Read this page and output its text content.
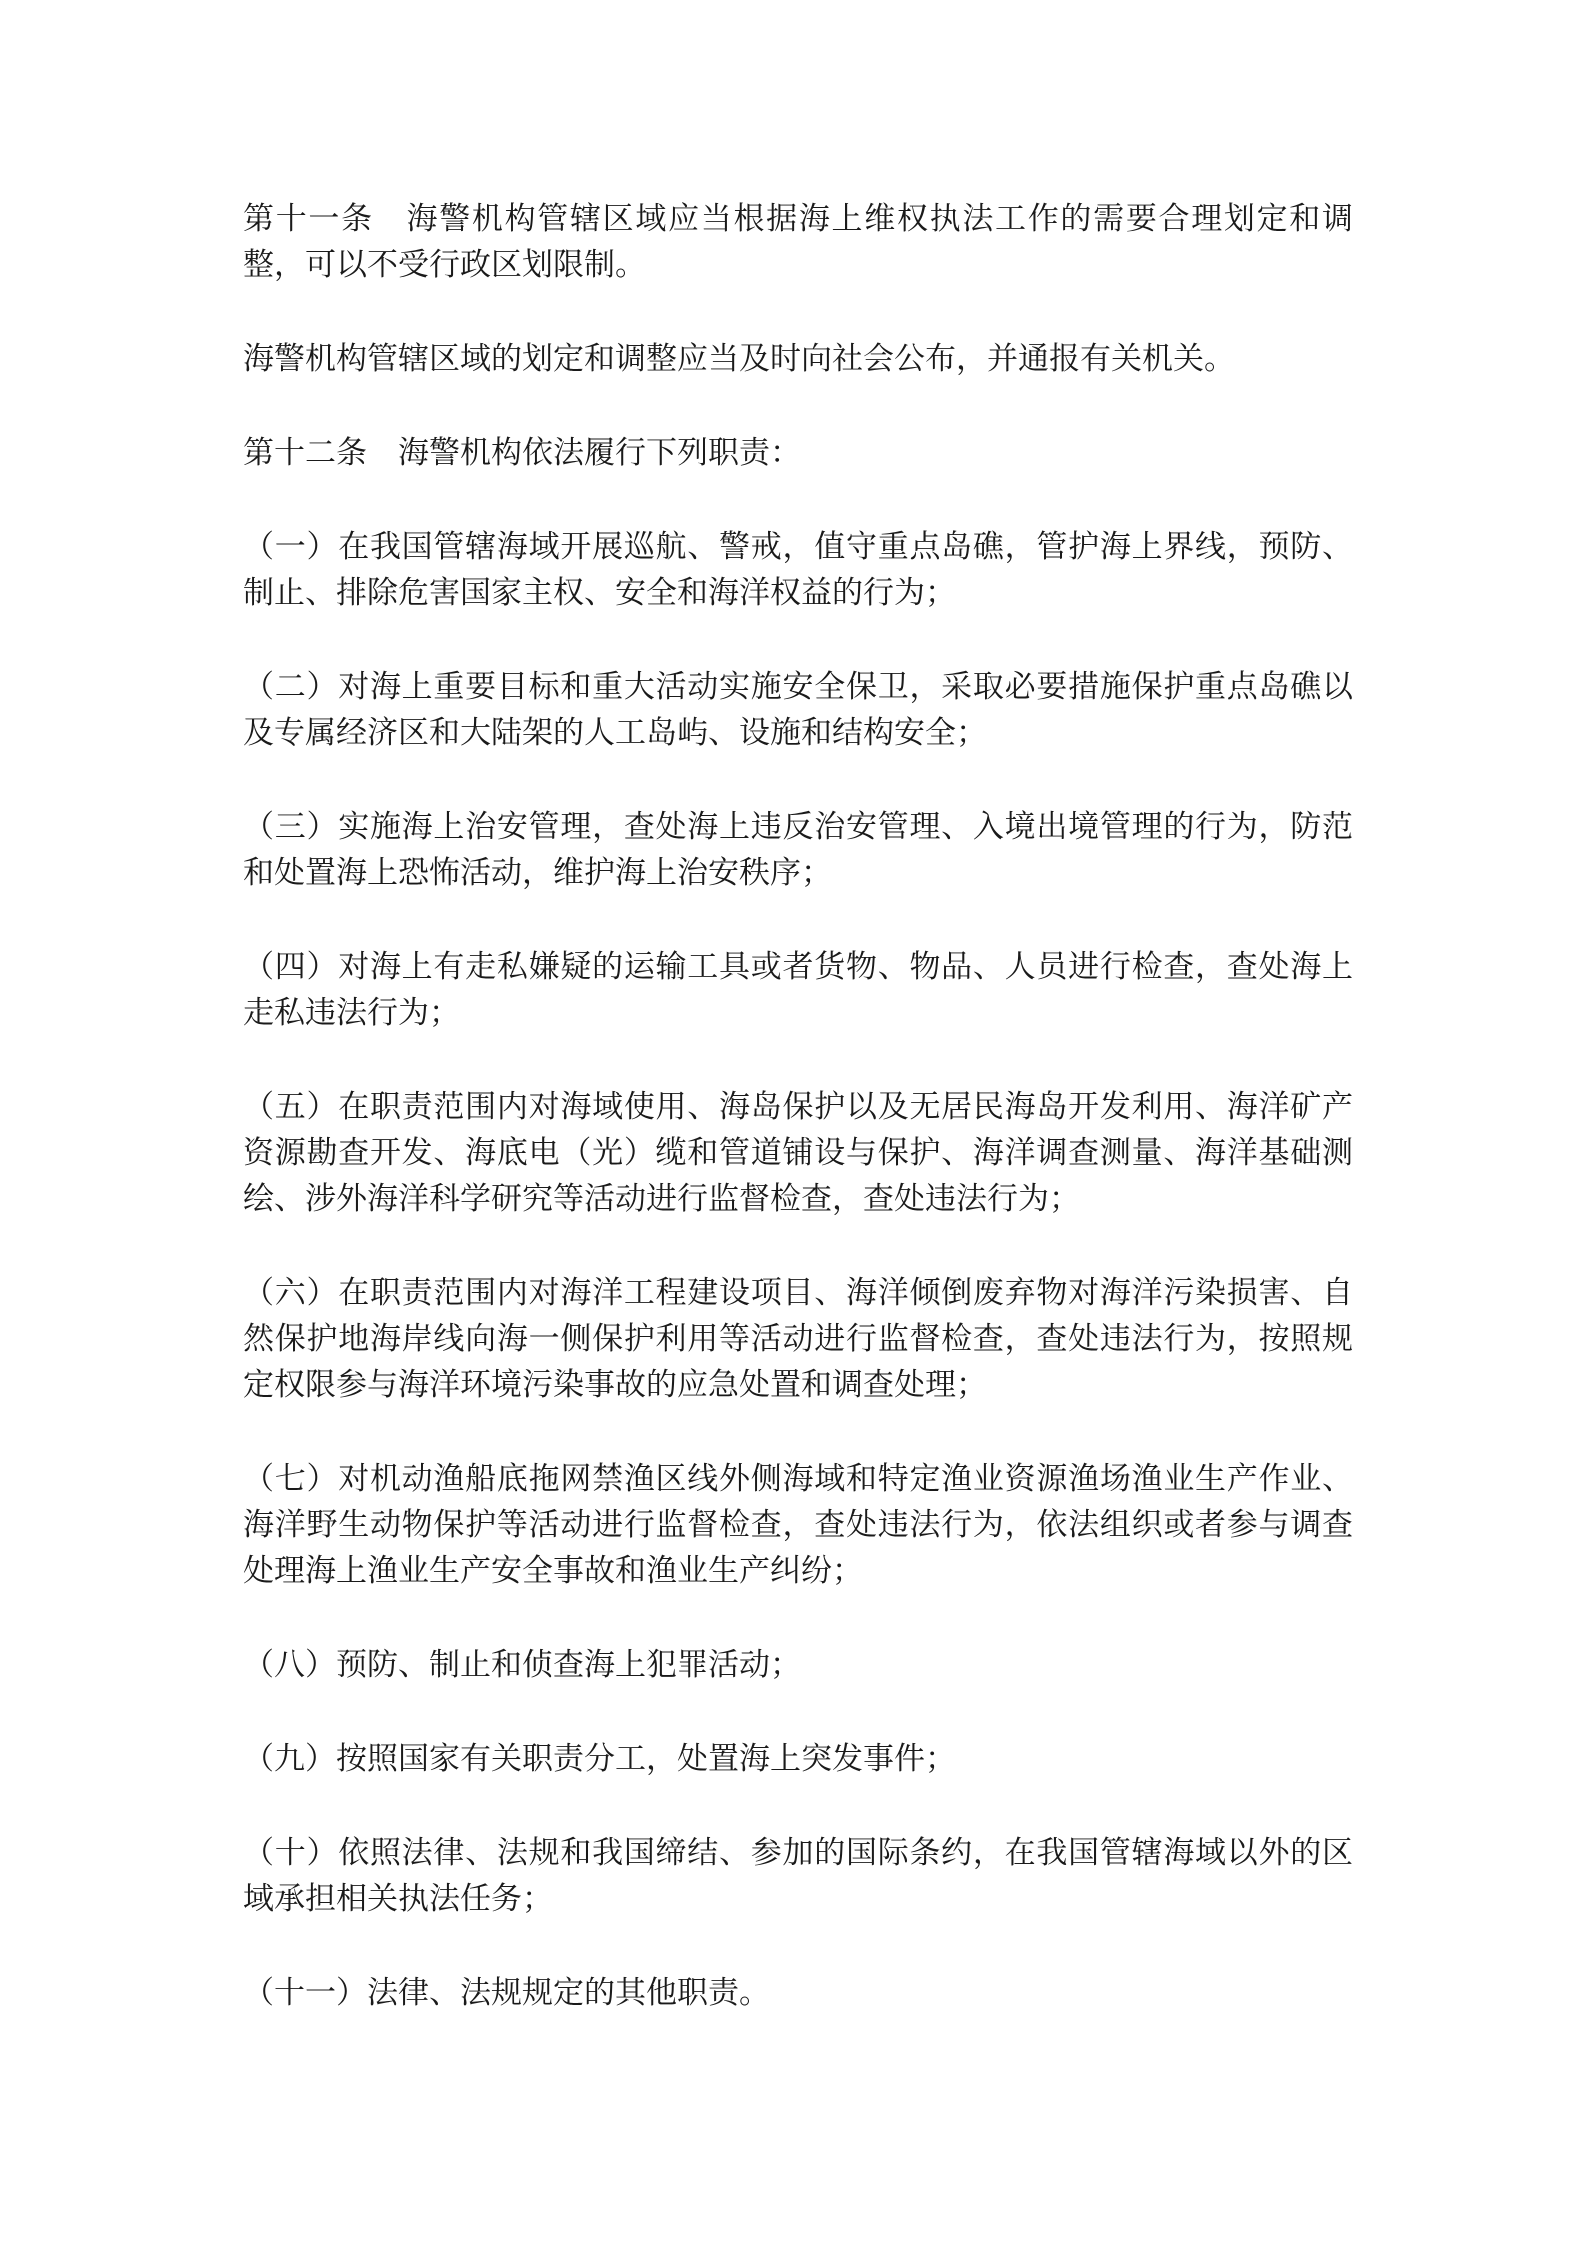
第十一条 海警机构管辖区域应当根据海上维权执法工作的需要合理划定和调整，可以不受行政区划限制。

海警机构管辖区域的划定和调整应当及时向社会公布，并通报有关机关。

第十二条 海警机构依法履行下列职责：

（一）在我国管辖海域开展巡航、警戒，值守重点岛礁，管护海上界线，预防、制止、排除危害国家主权、安全和海洋权益的行为；

（二）对海上重要目标和重大活动实施安全保卫，采取必要措施保护重点岛礁以及专属经济区和大陆架的人工岛屿、设施和结构安全；

（三）实施海上治安管理，查处海上违反治安管理、入境出境管理的行为，防范和处置海上恐怖活动，维护海上治安秩序；

（四）对海上有走私嫌疑的运输工具或者货物、物品、人员进行检查，查处海上走私违法行为；

（五）在职责范围内对海域使用、海岛保护以及无居民海岛开发利用、海洋矿产资源勘查开发、海底电（光）缆和管道铺设与保护、海洋调查测量、海洋基础测绘、涉外海洋科学研究等活动进行监督检查，查处违法行为；

（六）在职责范围内对海洋工程建设项目、海洋倾倒废弃物对海洋污染损害、自然保护地海岸线向海一侧保护利用等活动进行监督检查，查处违法行为，按照规定权限参与海洋环境污染事故的应急处置和调查处理；

（七）对机动渔船底拖网禁渔区线外侧海域和特定渔业资源渔场渔业生产作业、海洋野生动物保护等活动进行监督检查，查处违法行为，依法组织或者参与调查处理海上渔业生产安全事故和渔业生产纠纷；

（八）预防、制止和侦查海上犯罪活动；

（九）按照国家有关职责分工，处置海上突发事件；

（十）依照法律、法规和我国缔结、参加的国际条约，在我国管辖海域以外的区域承担相关执法任务；

（十一）法律、法规规定的其他职责。
